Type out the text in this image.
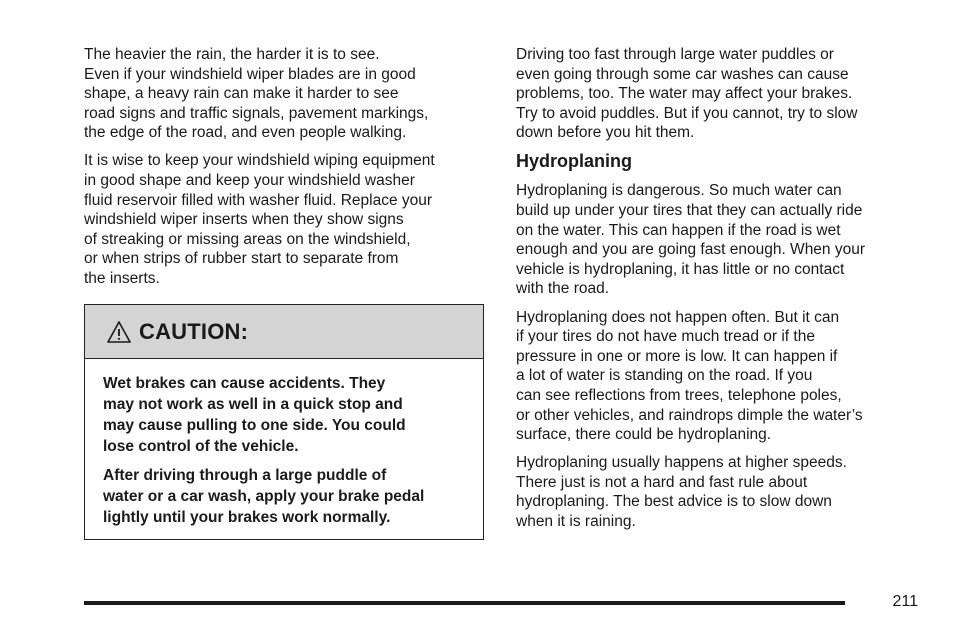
The heavier the rain, the harder it is to see.
Even if your windshield wiper blades are in good
shape, a heavy rain can make it harder to see
road signs and traffic signals, pavement markings,
the edge of the road, and even people walking.

It is wise to keep your windshield wiping equipment
in good shape and keep your windshield washer
fluid reservoir filled with washer fluid. Replace your
windshield wiper inserts when they show signs
of streaking or missing areas on the windshield,
or when strips of rubber start to separate from
the inserts.

CAUTION:

Wet brakes can cause accidents. They
may not work as well in a quick stop and
may cause pulling to one side. You could
lose control of the vehicle.

After driving through a large puddle of
water or a car wash, apply your brake pedal
lightly until your brakes work normally.

Driving too fast through large water puddles or
even going through some car washes can cause
problems, too. The water may affect your brakes.
Try to avoid puddles. But if you cannot, try to slow
down before you hit them.

Hydroplaning

Hydroplaning is dangerous. So much water can
build up under your tires that they can actually ride
on the water. This can happen if the road is wet
enough and you are going fast enough. When your
vehicle is hydroplaning, it has little or no contact
with the road.

Hydroplaning does not happen often. But it can
if your tires do not have much tread or if the
pressure in one or more is low. It can happen if
a lot of water is standing on the road. If you
can see reflections from trees, telephone poles,
or other vehicles, and raindrops dimple the water’s
surface, there could be hydroplaning.

Hydroplaning usually happens at higher speeds.
There just is not a hard and fast rule about
hydroplaning. The best advice is to slow down
when it is raining.

211
